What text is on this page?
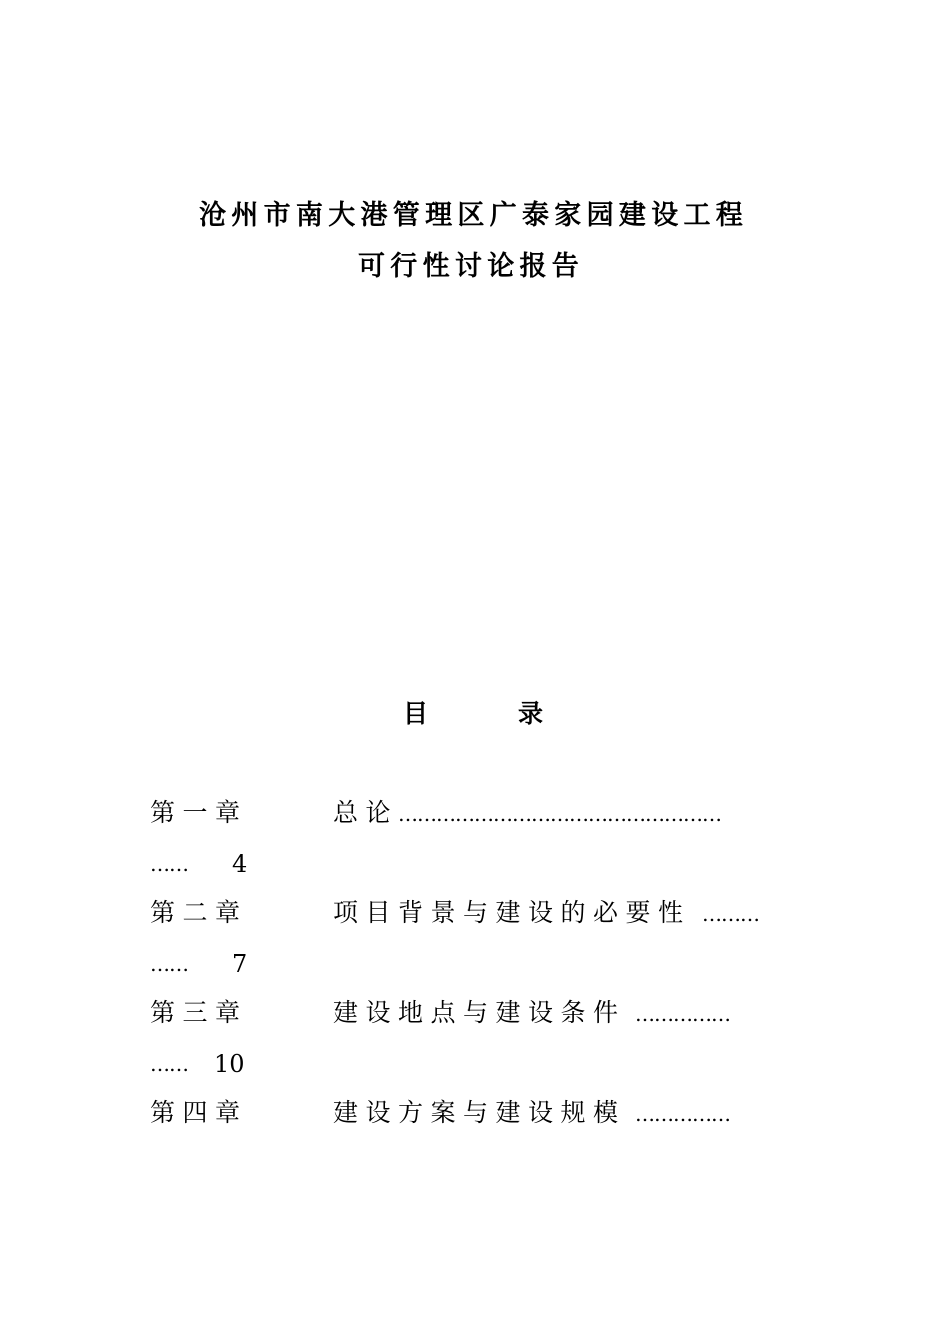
沧州市南大港管理区广泰家园建设工程
可行性讨论报告
目	录
第一章	总论 ……………………………………………
…… 4
第二章	项目背景与建设的必要性 ………
…… 7
第三章	建设地点与建设条件 ……………
…… 10
第四章	建设方案与建设规模 ……………
